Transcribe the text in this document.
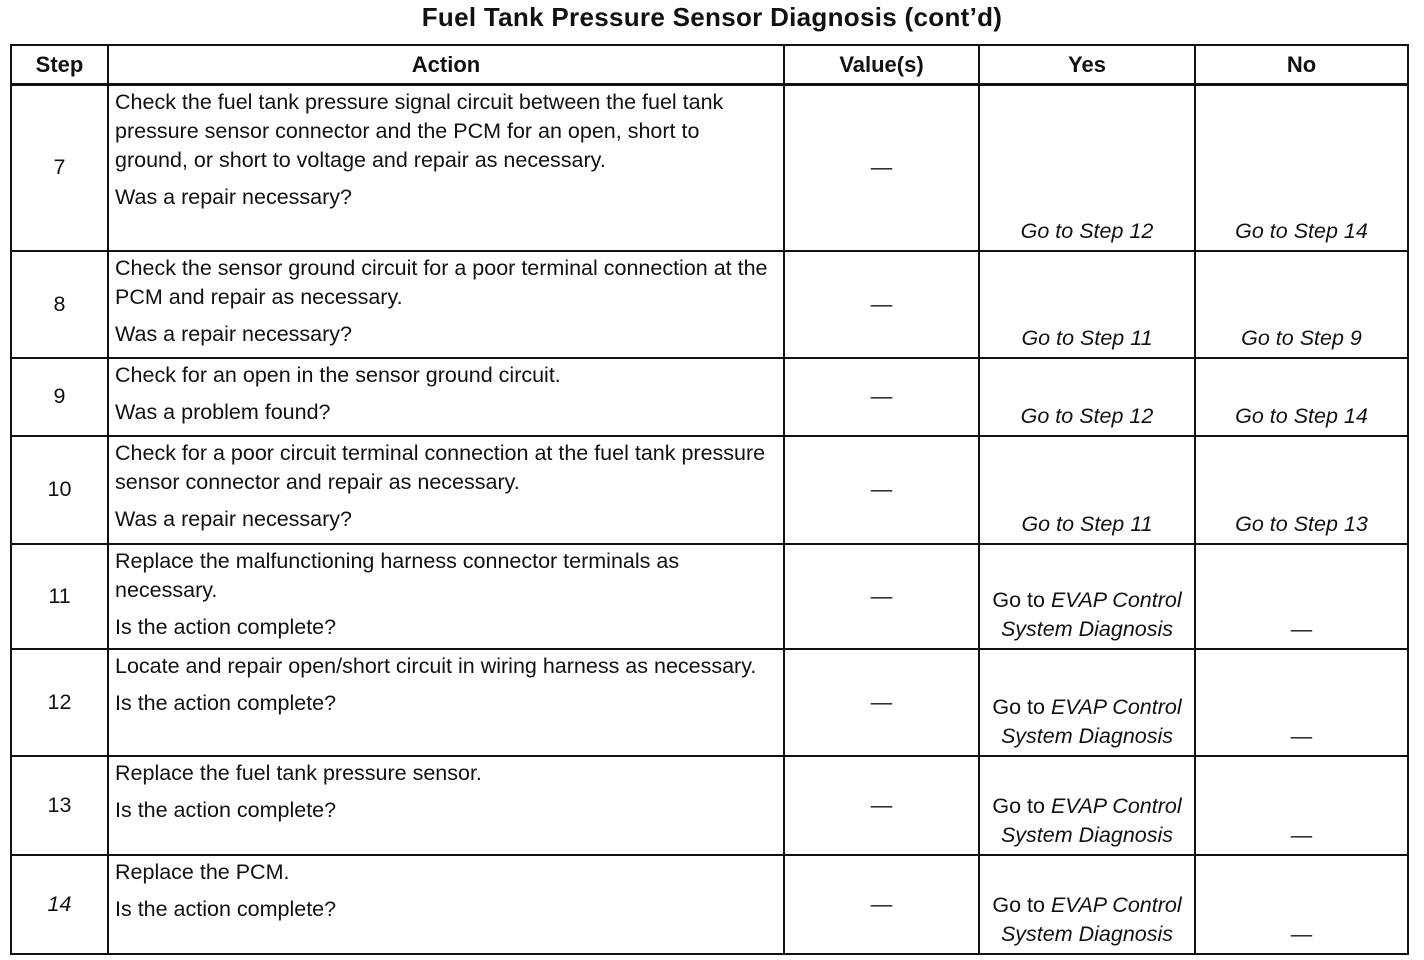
Fuel Tank Pressure Sensor Diagnosis (cont’d)
Step	Action	Value(s)	Yes	No
7	Check the fuel tank pressure signal circuit between the fuel tank pressure sensor connector and the PCM for an open, short to ground, or short to voltage and repair as necessary.

Was a repair necessary?	—	Go to Step 12	Go to Step 14
8	Check the sensor ground circuit for a poor terminal connection at the PCM and repair as necessary.

Was a repair necessary?	—	Go to Step 11	Go to Step 9
9	Check for an open in the sensor ground circuit.

Was a problem found?	—	Go to Step 12	Go to Step 14
10	Check for a poor circuit terminal connection at the fuel tank pressure sensor connector and repair as necessary.

Was a repair necessary?	—	Go to Step 11	Go to Step 13
11	Replace the malfunctioning harness connector terminals as necessary.

Is the action complete?	—	Go to EVAP Control System Diagnosis	—
12	Locate and repair open/short circuit in wiring harness as necessary.

Is the action complete?	—	Go to EVAP Control System Diagnosis	—
13	Replace the fuel tank pressure sensor.

Is the action complete?	—	Go to EVAP Control System Diagnosis	—
14	Replace the PCM.

Is the action complete?	—	Go to EVAP Control System Diagnosis	—
